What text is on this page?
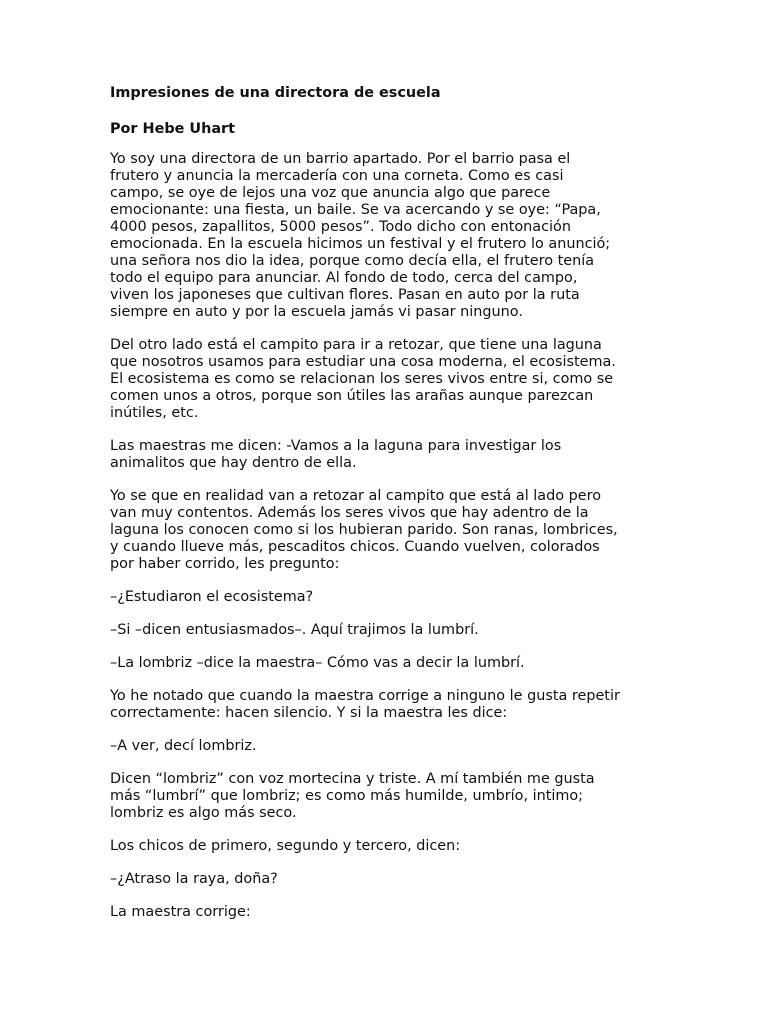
Impresiones de una directora de escuela
Por Hebe Uhart
Yo soy una directora de un barrio apartado. Por el barrio pasa el
frutero y anuncia la mercadería con una corneta. Como es casi
campo, se oye de lejos una voz que anuncia algo que parece
emocionante: una fiesta, un baile. Se va acercando y se oye: “Papa,
4000 pesos, zapallitos, 5000 pesos”. Todo dicho con entonación
emocionada. En la escuela hicimos un festival y el frutero lo anunció;
una señora nos dio la idea, porque como decía ella, el frutero tenía
todo el equipo para anunciar. Al fondo de todo, cerca del campo,
viven los japoneses que cultivan flores. Pasan en auto por la ruta
siempre en auto y por la escuela jamás vi pasar ninguno.
Del otro lado está el campito para ir a retozar, que tiene una laguna
que nosotros usamos para estudiar una cosa moderna, el ecosistema.
El ecosistema es como se relacionan los seres vivos entre si, como se
comen unos a otros, porque son útiles las arañas aunque parezcan
inútiles, etc.
Las maestras me dicen: -Vamos a la laguna para investigar los
animalitos que hay dentro de ella.
Yo se que en realidad van a retozar al campito que está al lado pero
van muy contentos. Además los seres vivos que hay adentro de la
laguna los conocen como si los hubieran parido. Son ranas, lombrices,
y cuando llueve más, pescaditos chicos. Cuando vuelven, colorados
por haber corrido, les pregunto:
–¿Estudiaron el ecosistema?
–Si –dicen entusiasmados–. Aquí trajimos la lumbrí.
–La lombriz –dice la maestra– Cómo vas a decir la lumbrí.
Yo he notado que cuando la maestra corrige a ninguno le gusta repetir
correctamente: hacen silencio. Y si la maestra les dice:
–A ver, decí lombriz.
Dicen “lombriz” con voz mortecina y triste. A mí también me gusta
más “lumbrí” que lombriz; es como más humilde, umbrío, intimo;
lombriz es algo más seco.
Los chicos de primero, segundo y tercero, dicen:
–¿Atraso la raya, doña?
La maestra corrige:
